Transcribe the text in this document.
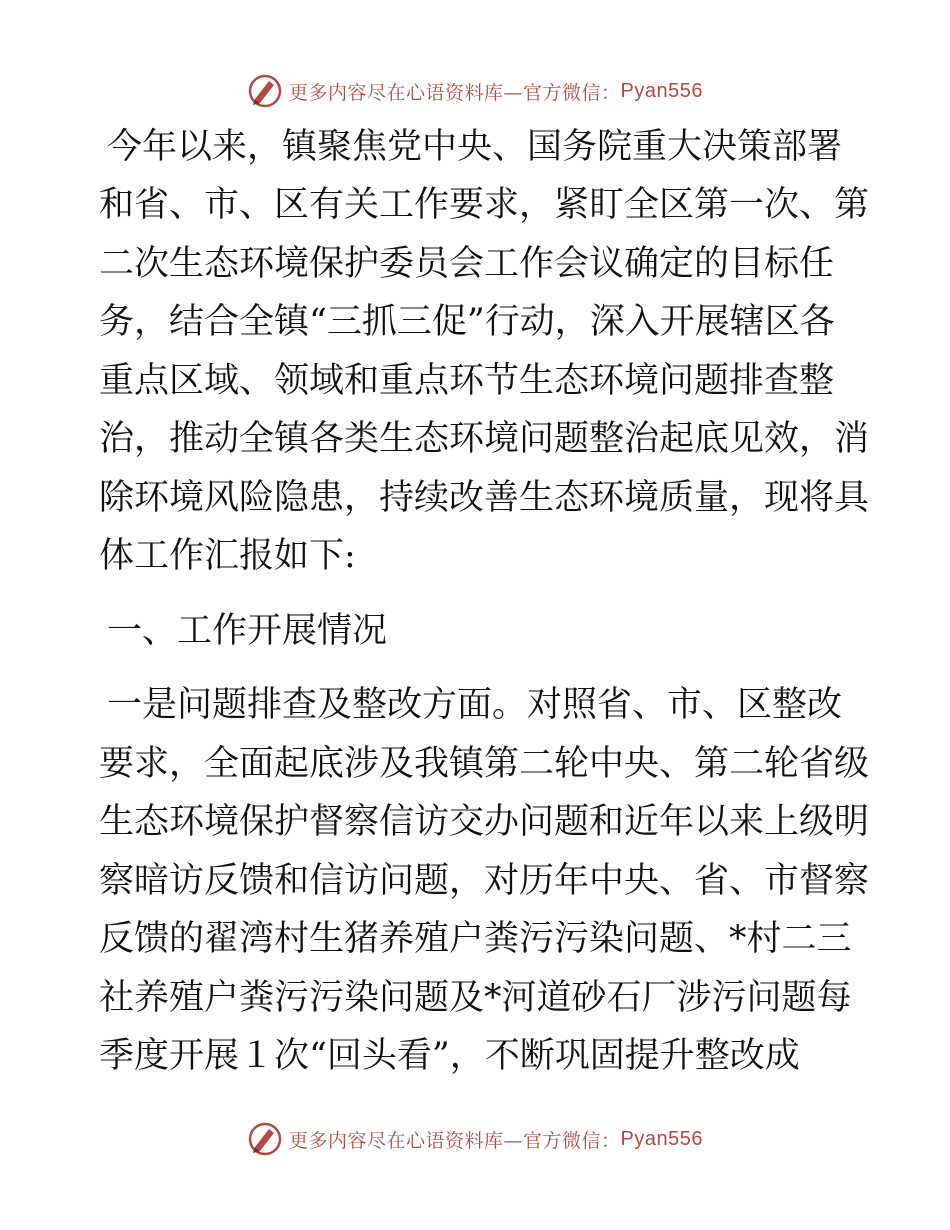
更多内容尽在心语资料库—官方微信： Pyan556
今年以来，镇聚焦党中央、国务院重大决策部署
和省、市、区有关工作要求，紧盯全区第一次、第
二次生态环境保护委员会工作会议确定的目标任
务，结合全镇“三抓三促”行动，深入开展辖区各
重点区域、领域和重点环节生态环境问题排查整
治，推动全镇各类生态环境问题整治起底见效，消
除环境风险隐患，持续改善生态环境质量，现将具
体工作汇报如下:
一、工作开展情况
一是问题排查及整改方面。对照省、市、区整改
要求，全面起底涉及我镇第二轮中央、第二轮省级
生态环境保护督察信访交办问题和近年以来上级明
察暗访反馈和信访问题，对历年中央、省、市督察
反馈的翟湾村生猪养殖户粪污污染问题、*村二三
社养殖户粪污污染问题及*河道砂石厂涉污问题每
季度开展１次“回头看”，不断巩固提升整改成
更多内容尽在心语资料库—官方微信： Pyan556
